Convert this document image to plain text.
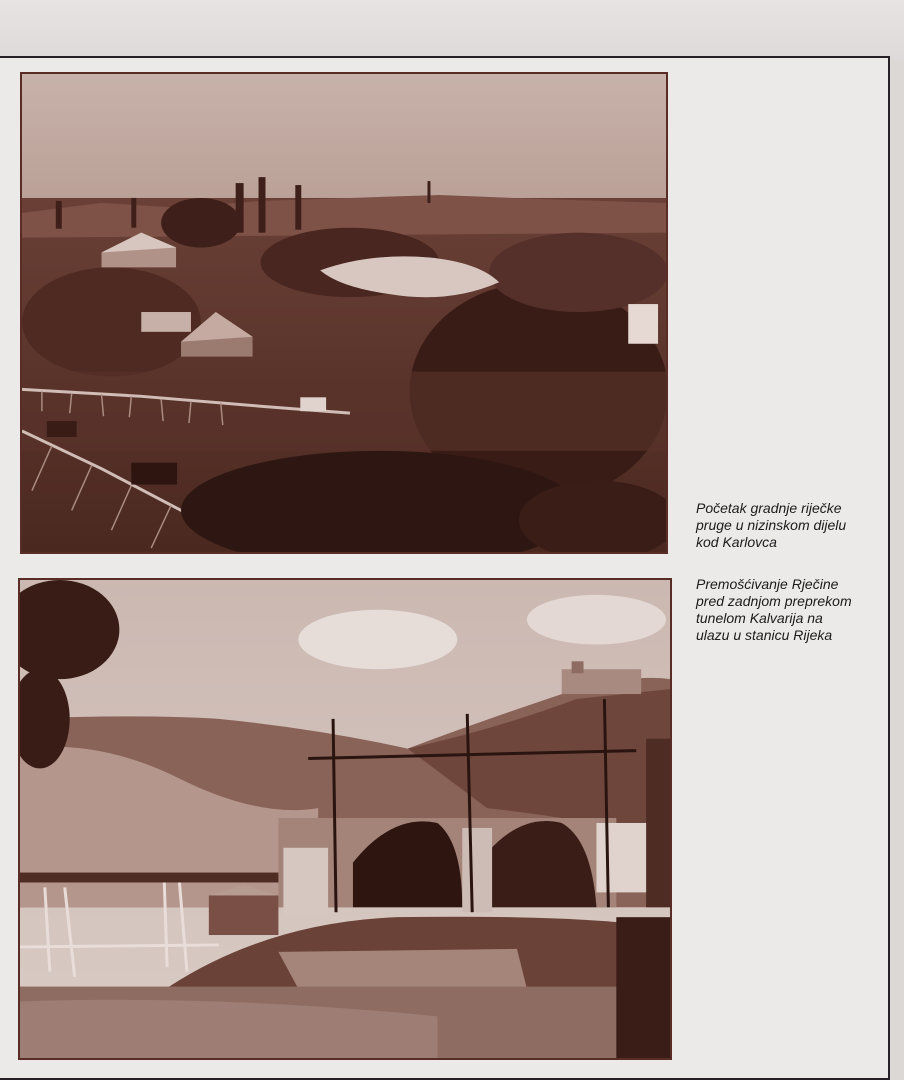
Početak gradnje riječke
pruge u nizinskom dijelu
kod Karlovca
Premošćivanje Rječine
pred zadnjom preprekom
tunelom Kalvarija na
ulazu u stanicu Rijeka
